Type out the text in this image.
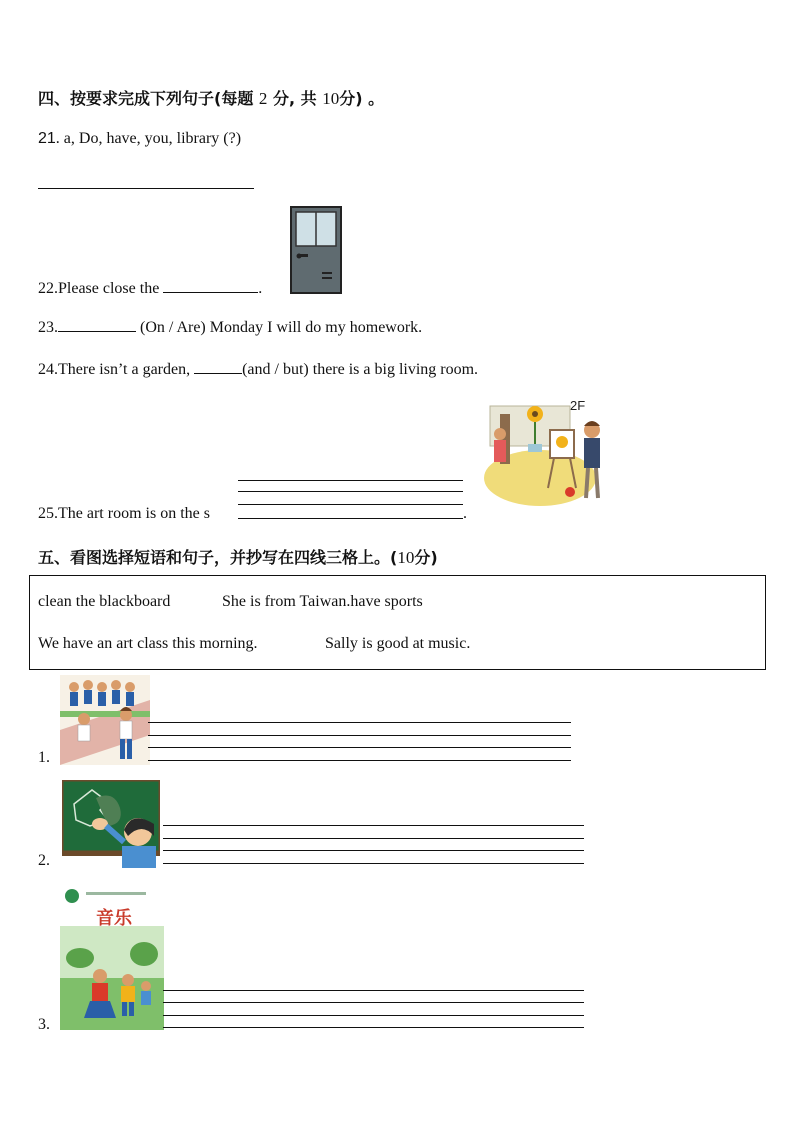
四、按要求完成下列句子(每题 2 分, 共 10分) 。
21. a, Do, have, you, library (?)
22.Please close the	.
23.	(On / Are) Monday I will do my homework.
24.There isn’t a garden,	(and / but) there is a big living room.
2F
25.The art room is on the s	.
五、看图选择短语和句子，并抄写在四线三格上。(10分)
clean the blackboard	She is from Taiwan.have sports
We have an art class this morning.	Sally is good at music.
1.
2.
音乐
3.
